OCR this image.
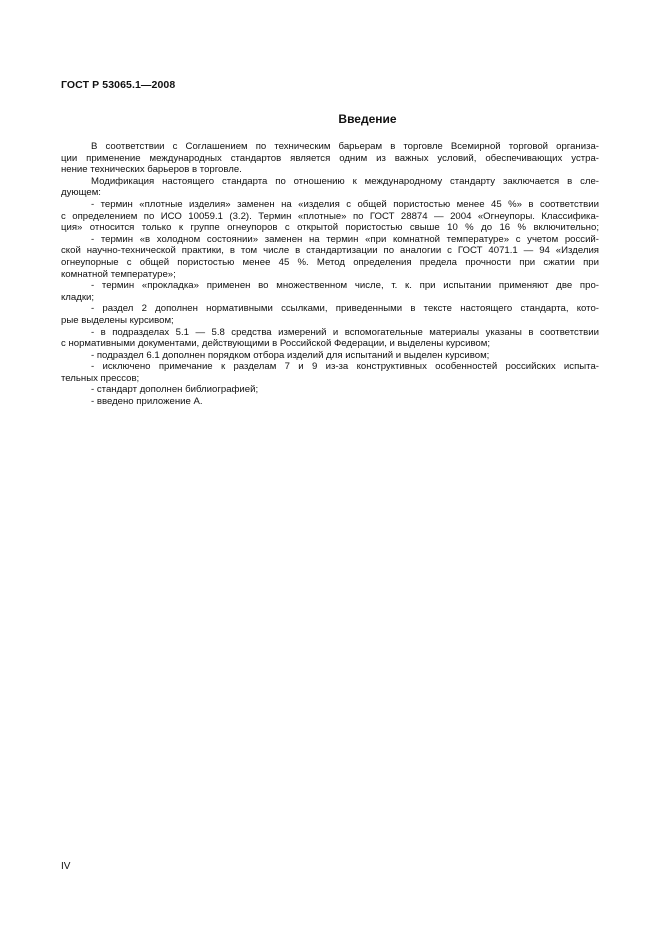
ГОСТ Р 53065.1—2008
Введение
В соответствии с Соглашением по техническим барьерам в торговле Всемирной торговой организа-
ции применение международных стандартов является одним из важных условий, обеспечивающих устра-
нение технических барьеров в торговле.
Модификация настоящего стандарта по отношению к международному стандарту заключается в сле-
дующем:
- термин «плотные изделия» заменен на «изделия с общей пористостью менее 45 %» в соответствии
с определением по ИСО 10059.1 (3.2). Термин «плотные» по ГОСТ 28874 — 2004 «Огнеупоры. Классифика-
ция» относится только к группе огнеупоров с открытой пористостью свыше 10 % до 16 % включительно;
- термин «в холодном состоянии» заменен на термин «при комнатной температуре» с учетом россий-
ской научно-технической практики, в том числе в стандартизации по аналогии с ГОСТ 4071.1 — 94 «Изделия
огнеупорные с общей пористостью менее 45 %. Метод определения предела прочности при сжатии при
комнатной температуре»;
- термин «прокладка» применен во множественном числе, т. к. при испытании применяют две про-
кладки;
- раздел 2 дополнен нормативными ссылками, приведенными в тексте настоящего стандарта, кото-
рые выделены курсивом;
- в подразделах 5.1 — 5.8 средства измерений и вспомогательные материалы указаны в соответствии
с нормативными документами, действующими в Российской Федерации, и выделены курсивом;
- подраздел 6.1 дополнен порядком отбора изделий для испытаний и выделен курсивом;
- исключено примечание к разделам 7 и 9 из-за конструктивных особенностей российских испыта-
тельных прессов;
- стандарт дополнен библиографией;
- введено приложение А.
IV
